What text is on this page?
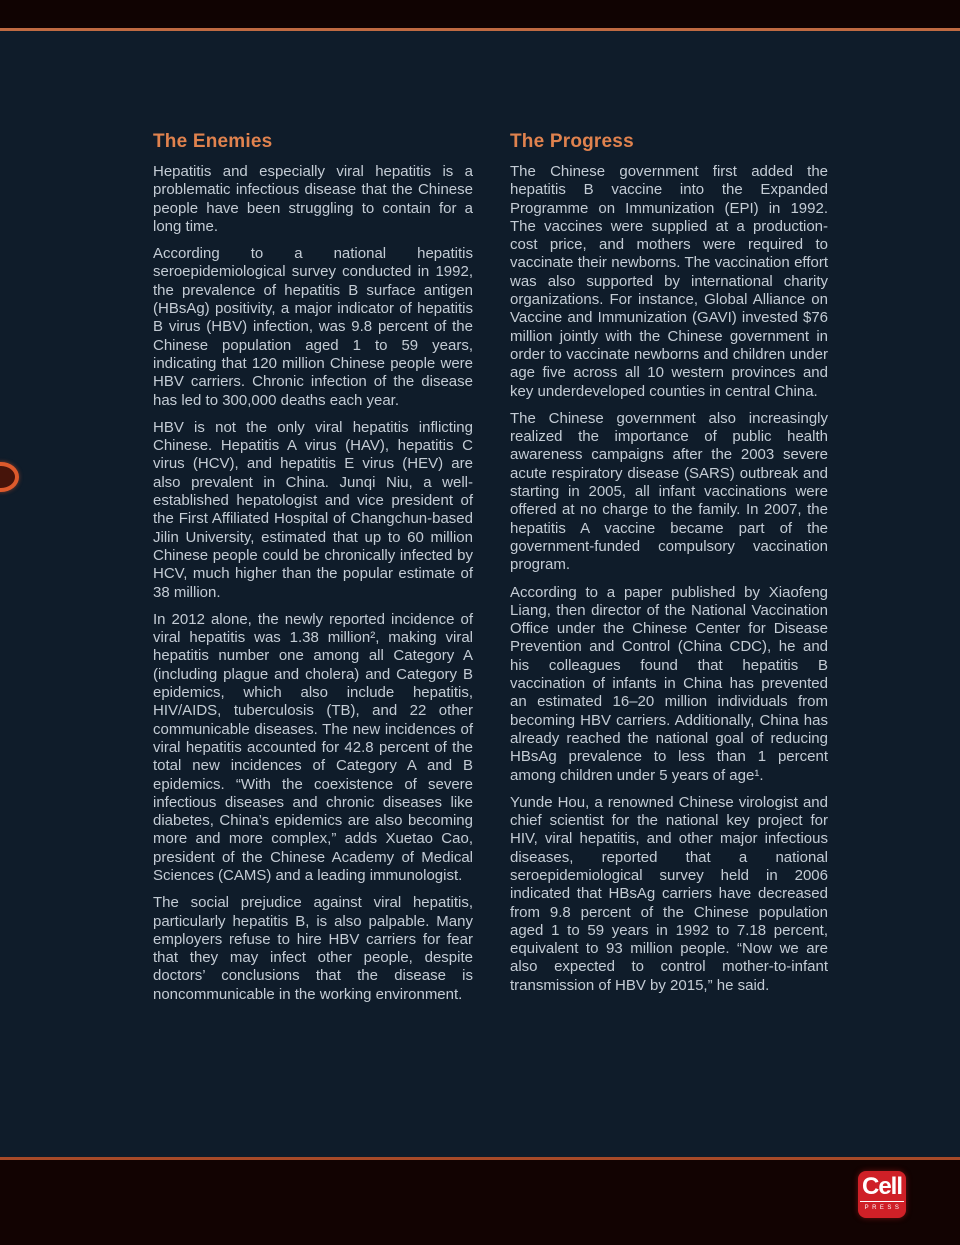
The Enemies

Hepatitis and especially viral hepatitis is a problematic infectious disease that the Chinese people have been struggling to contain for a long time.

According to a national hepatitis seroepidemiological survey conducted in 1992, the prevalence of hepatitis B surface antigen (HBsAg) positivity, a major indicator of hepatitis B virus (HBV) infection, was 9.8 percent of the Chinese population aged 1 to 59 years, indicating that 120 million Chinese people were HBV carriers. Chronic infection of the disease has led to 300,000 deaths each year.

HBV is not the only viral hepatitis inflicting Chinese. Hepatitis A virus (HAV), hepatitis C virus (HCV), and hepatitis E virus (HEV) are also prevalent in China. Junqi Niu, a well-established hepatologist and vice president of the First Affiliated Hospital of Changchun-based Jilin University, estimated that up to 60 million Chinese people could be chronically infected by HCV, much higher than the popular estimate of 38 million.

In 2012 alone, the newly reported incidence of viral hepatitis was 1.38 million², making viral hepatitis number one among all Category A (including plague and cholera) and Category B epidemics, which also include hepatitis, HIV/AIDS, tuberculosis (TB), and 22 other communicable diseases. The new incidences of viral hepatitis accounted for 42.8 percent of the total new incidences of Category A and B epidemics. “With the coexistence of severe infectious diseases and chronic diseases like diabetes, China’s epidemics are also becoming more and more complex,” adds Xuetao Cao, president of the Chinese Academy of Medical Sciences (CAMS) and a leading immunologist.

The social prejudice against viral hepatitis, particularly hepatitis B, is also palpable. Many employers refuse to hire HBV carriers for fear that they may infect other people, despite doctors’ conclusions that the disease is noncommunicable in the working environment.

The Progress

The Chinese government first added the hepatitis B vaccine into the Expanded Programme on Immunization (EPI) in 1992. The vaccines were supplied at a production-cost price, and mothers were required to vaccinate their newborns. The vaccination effort was also supported by international charity organizations. For instance, Global Alliance on Vaccine and Immunization (GAVI) invested $76 million jointly with the Chinese government in order to vaccinate newborns and children under age five across all 10 western provinces and key underdeveloped counties in central China.

The Chinese government also increasingly realized the importance of public health awareness campaigns after the 2003 severe acute respiratory disease (SARS) outbreak and starting in 2005, all infant vaccinations were offered at no charge to the family. In 2007, the hepatitis A vaccine became part of the government-funded compulsory vaccination program.

According to a paper published by Xiaofeng Liang, then director of the National Vaccination Office under the Chinese Center for Disease Prevention and Control (China CDC), he and his colleagues found that hepatitis B vaccination of infants in China has prevented an estimated 16–20 million individuals from becoming HBV carriers. Additionally, China has already reached the national goal of reducing HBsAg prevalence to less than 1 percent among children under 5 years of age¹.

Yunde Hou, a renowned Chinese virologist and chief scientist for the national key project for HIV, viral hepatitis, and other major infectious diseases, reported that a national seroepidemiological survey held in 2006 indicated that HBsAg carriers have decreased from 9.8 percent of the Chinese population aged 1 to 59 years in 1992 to 7.18 percent, equivalent to 93 million people. “Now we are also expected to control mother-to-infant transmission of HBV by 2015,” he said.

Cell
PRESS
